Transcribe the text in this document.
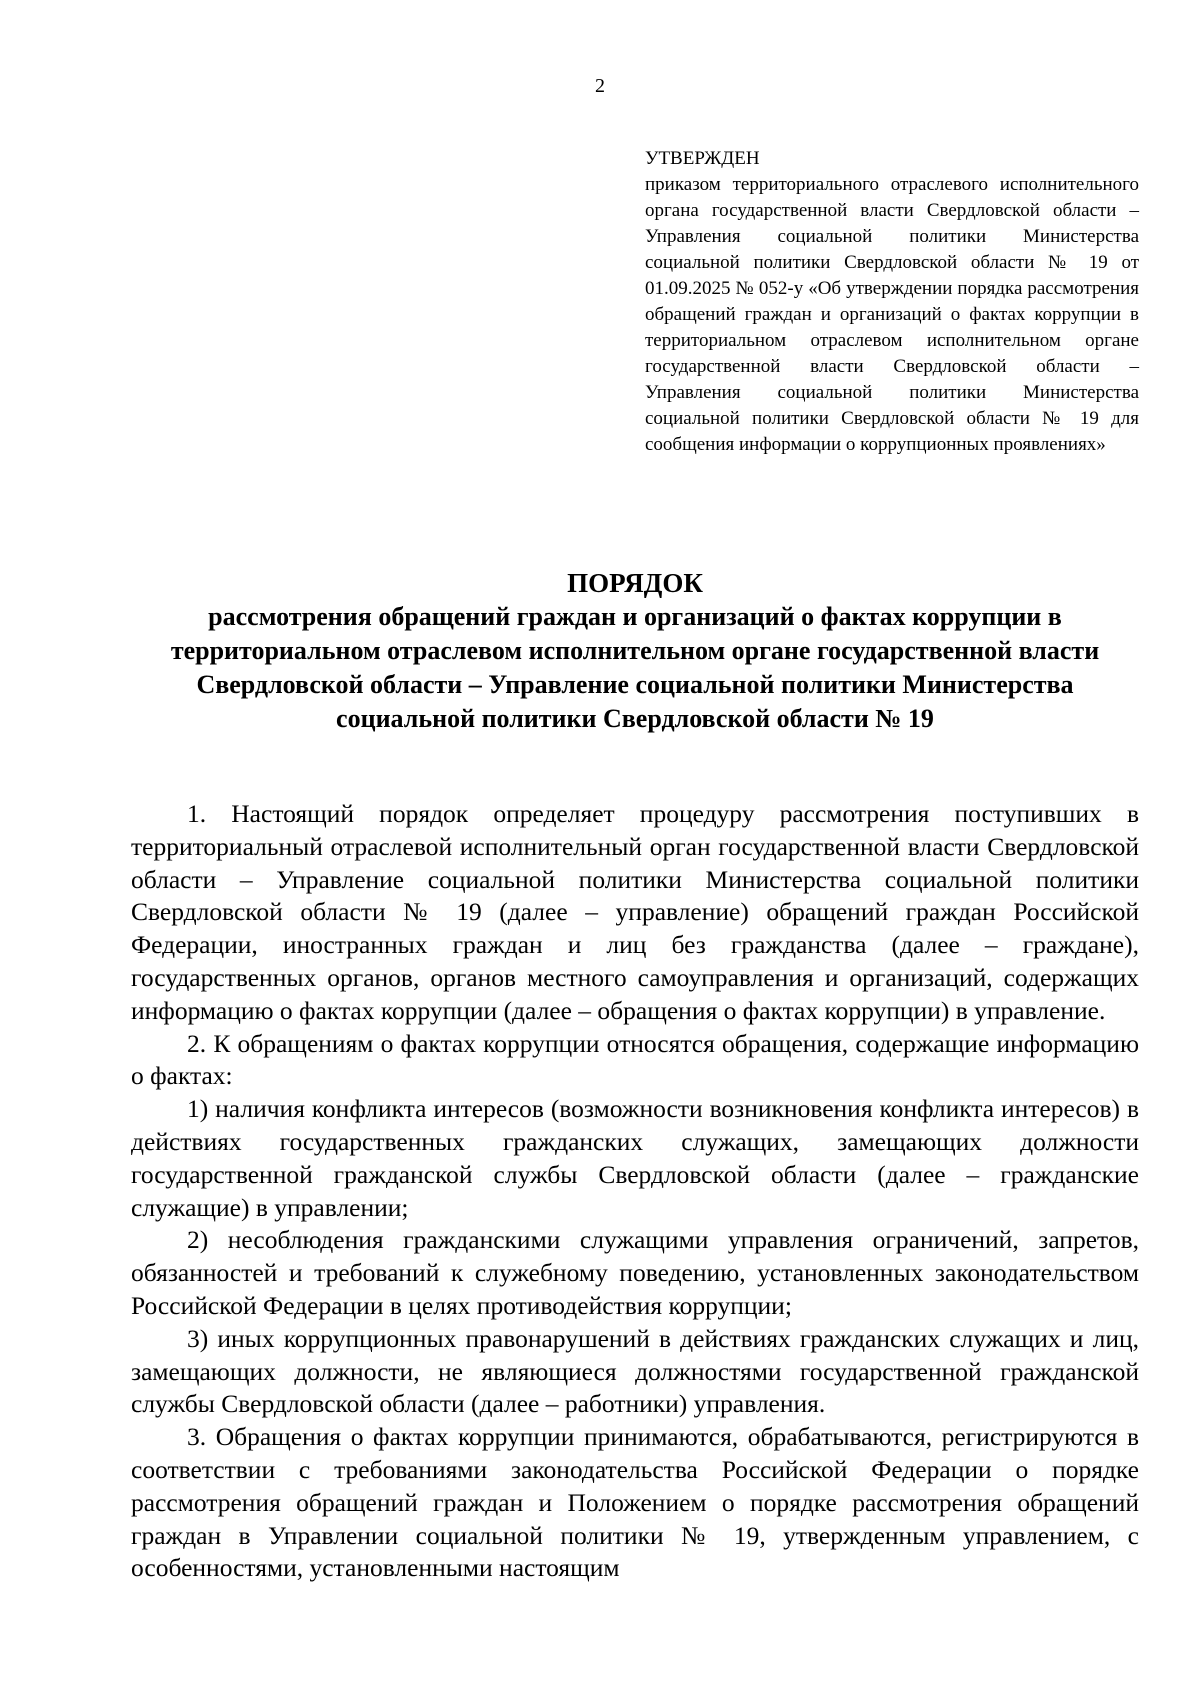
2
УТВЕРЖДЕН
приказом территориального отраслевого исполнительного органа государственной власти Свердловской области – Управления социальной политики Министерства социальной политики Свердловской области № 19 от 01.09.2025 № 052-у «Об утверждении порядка рассмотрения обращений граждан и организаций о фактах коррупции в территориальном отраслевом исполнительном органе государственной власти Свердловской области – Управления социальной политики Министерства социальной политики Свердловской области № 19 для сообщения информации о коррупционных проявлениях»
ПОРЯДОК
рассмотрения обращений граждан и организаций о фактах коррупции в территориальном отраслевом исполнительном органе государственной власти Свердловской области – Управление социальной политики Министерства социальной политики Свердловской области № 19

1. Настоящий порядок определяет процедуру рассмотрения поступивших в территориальный отраслевой исполнительный орган государственной власти Свердловской области – Управление социальной политики Министерства социальной политики Свердловской области № 19 (далее – управление) обращений граждан Российской Федерации, иностранных граждан и лиц без гражданства (далее – граждане), государственных органов, органов местного самоуправления и организаций, содержащих информацию о фактах коррупции (далее – обращения о фактах коррупции) в управление.

2. К обращениям о фактах коррупции относятся обращения, содержащие информацию о фактах:

1) наличия конфликта интересов (возможности возникновения конфликта интересов) в действиях государственных гражданских служащих, замещающих должности государственной гражданской службы Свердловской области (далее – гражданские служащие) в управлении;

2) несоблюдения гражданскими служащими управления ограничений, запретов, обязанностей и требований к служебному поведению, установленных законодательством Российской Федерации в целях противодействия коррупции;

3) иных коррупционных правонарушений в действиях гражданских служащих и лиц, замещающих должности, не являющиеся должностями государственной гражданской службы Свердловской области (далее – работники) управления.

3. Обращения о фактах коррупции принимаются, обрабатываются, регистрируются в соответствии с требованиями законодательства Российской Федерации о порядке рассмотрения обращений граждан и Положением о порядке рассмотрения обращений граждан в Управлении социальной политики № 19, утвержденным управлением, с особенностями, установленными настоящим
